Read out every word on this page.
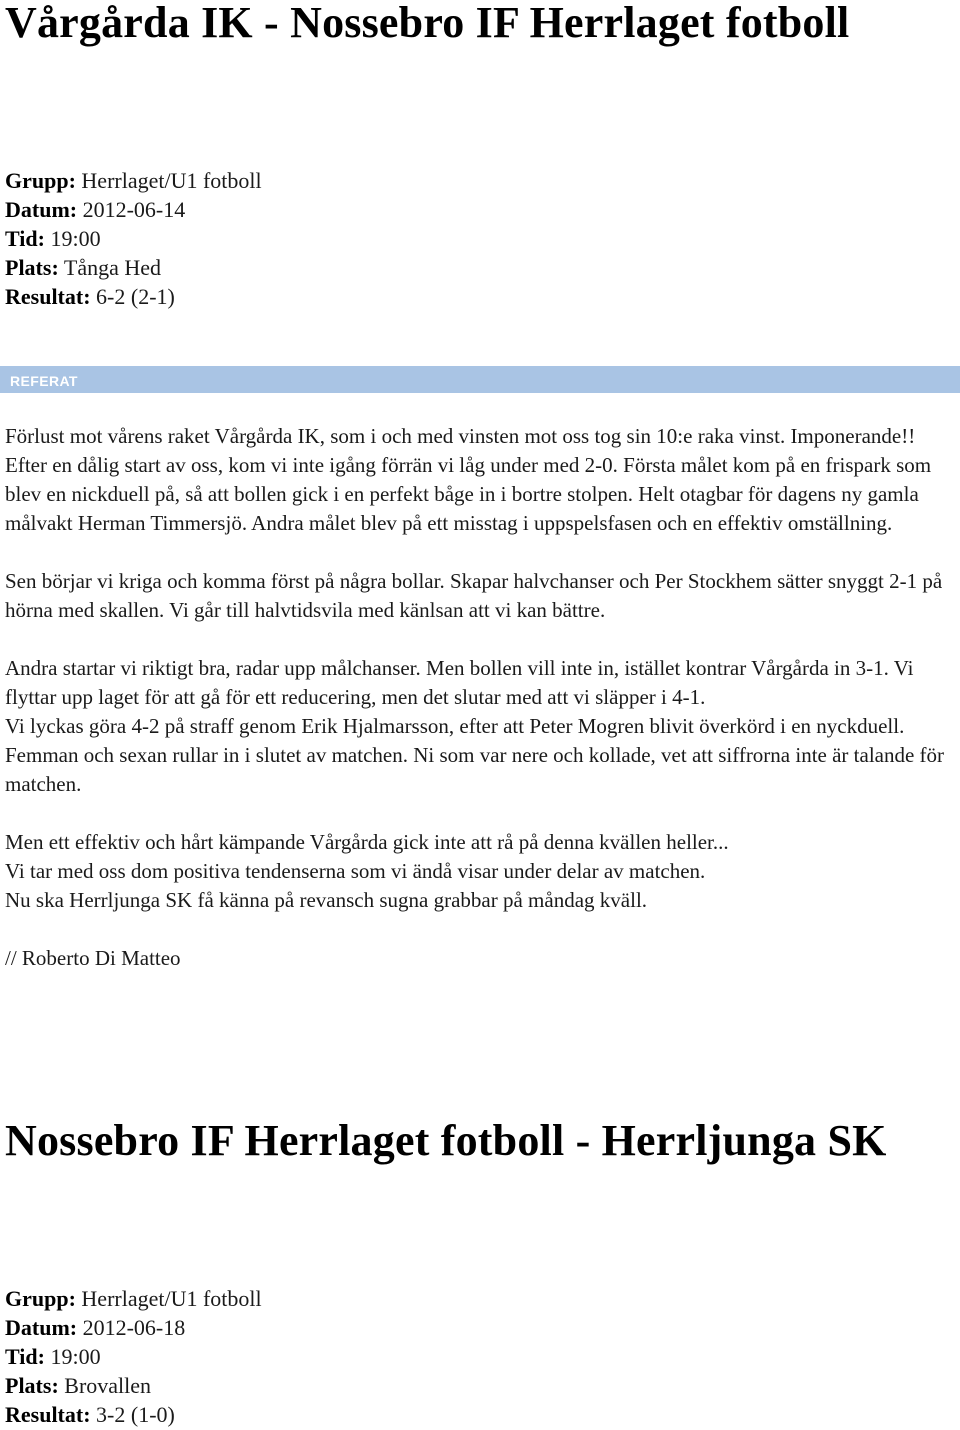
Vårgårda IK - Nossebro IF Herrlaget fotboll
Grupp: Herrlaget/U1 fotboll
Datum: 2012-06-14
Tid: 19:00
Plats: Tånga Hed
Resultat: 6-2 (2-1)
REFERAT

Förlust mot vårens raket Vårgårda IK, som i och med vinsten mot oss tog sin 10:e raka vinst. Imponerande!! Efter en dålig start av oss, kom vi inte igång förrän vi låg under med 2-0. Första målet kom på en frispark som blev en nickduell på, så att bollen gick i en perfekt båge in i bortre stolpen. Helt otagbar för dagens ny gamla målvakt Herman Timmersjö. Andra målet blev på ett misstag i uppspelsfasen och en effektiv omställning.

Sen börjar vi kriga och komma först på några bollar. Skapar halvchanser och Per Stockhem sätter snyggt 2-1 på hörna med skallen. Vi går till halvtidsvila med känlsan att vi kan bättre.

Andra startar vi riktigt bra, radar upp målchanser. Men bollen vill inte in, istället kontrar Vårgårda in 3-1. Vi flyttar upp laget för att gå för ett reducering, men det slutar med att vi släpper i 4-1.

Vi lyckas göra 4-2 på straff genom Erik Hjalmarsson, efter att Peter Mogren blivit överkörd i en nyckduell. Femman och sexan rullar in i slutet av matchen. Ni som var nere och kollade, vet att siffrorna inte är talande för matchen.

Men ett effektiv och hårt kämpande Vårgårda gick inte att rå på denna kvällen heller...

Vi tar med oss dom positiva tendenserna som vi ändå visar under delar av matchen.

Nu ska Herrljunga SK få känna på revansch sugna grabbar på måndag kväll.

// Roberto Di Matteo

Nossebro IF Herrlaget fotboll - Herrljunga SK
Grupp: Herrlaget/U1 fotboll
Datum: 2012-06-18
Tid: 19:00
Plats: Brovallen
Resultat: 3-2 (1-0)
